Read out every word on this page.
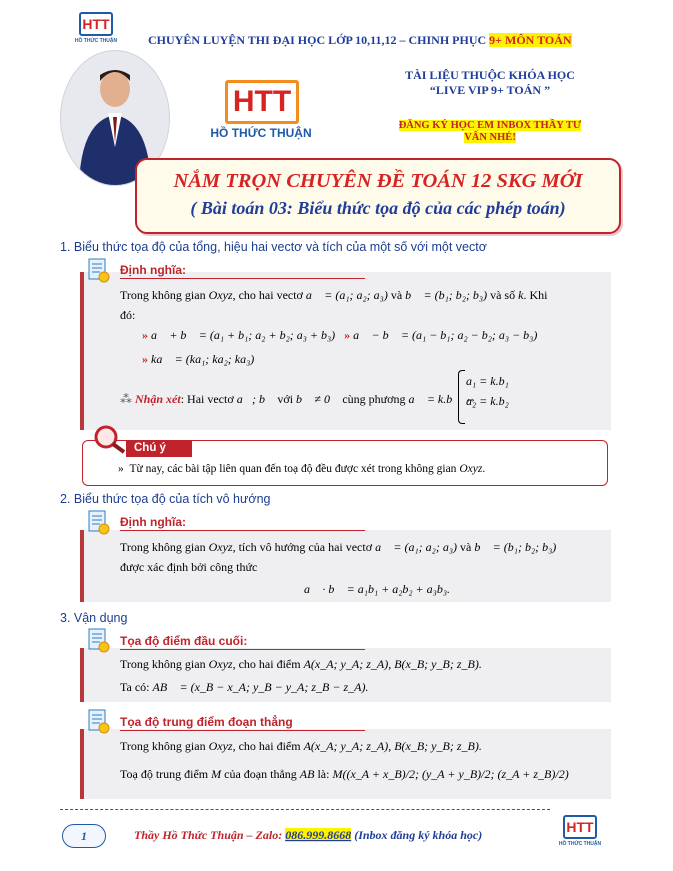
HTT
HỒ THỨC THUẬN	CHUYÊN LUYỆN THI ĐẠI HỌC LỚP 10,11,12 – CHINH PHỤC 9+ MÔN TOÁN
HTT
HỒ THỨC THUẬN
TÀI LIỆU THUỘC KHÓA HỌC
“LIVE VIP 9+ TOÁN ”
ĐĂNG KÝ HỌC EM INBOX THẦY TƯ
VẤN NHÉ!
NẮM TRỌN CHUYÊN ĐỀ TOÁN 12 SKG MỚI
( Bài toán 03: Biểu thức tọa độ của các phép toán)
1. Biểu thức tọa độ của tổng, hiệu hai vectơ và tích của một số với một vectơ
Định nghĩa:
Trong không gian Oxyz, cho hai vectơ a⃗ = (a₁; a₂; a₃) và b⃗ = (b₁; b₂; b₃) và số k. Khi
đó:
» a⃗ + b⃗ = (a₁ + b₁; a₂ + b₂; a₃ + b₃) » a⃗ − b⃗ = (a₁ − b₁; a₂ − b₂; a₃ − b₃)
» ka⃗ = (ka₁; ka₂; ka₃)
⁂ Nhận xét: Hai vectơ a⃗; b⃗ với b⃗ ≠ 0⃗ cùng phương a⃗ = k.b⃗ ⇔
a₁ = k.b₁
a₂ = k.b₂
Chú ý
» Từ nay, các bài tập liên quan đến toạ độ đều được xét trong không gian Oxyz.
2. Biểu thức tọa độ của tích vô hướng
Định nghĩa:
Trong không gian Oxyz, tích vô hướng của hai vectơ a⃗ = (a₁; a₂; a₃) và b⃗ = (b₁; b₂; b₃)
được xác định bởi công thức
a⃗ · b⃗ = a₁b₁ + a₂b₂ + a₃b₃.
3. Vận dụng
Tọa độ điểm đầu cuối:
Trong không gian Oxyz, cho hai điểm A(x_A; y_A; z_A), B(x_B; y_B; z_B).
Ta có: AB⃗ = (x_B − x_A; y_B − y_A; z_B − z_A).
Tọa độ trung điểm đoạn thẳng
Trong không gian Oxyz, cho hai điểm A(x_A; y_A; z_A), B(x_B; y_B; z_B).
Toạ độ trung điểm M của đoạn thẳng AB là: M((x_A + x_B)/2; (y_A + y_B)/2; (z_A + z_B)/2)
1	Thầy Hồ Thức Thuận – Zalo: 086.999.8668 (Inbox đăng ký khóa học)	HTT
HỒ THỨC THUẬN
